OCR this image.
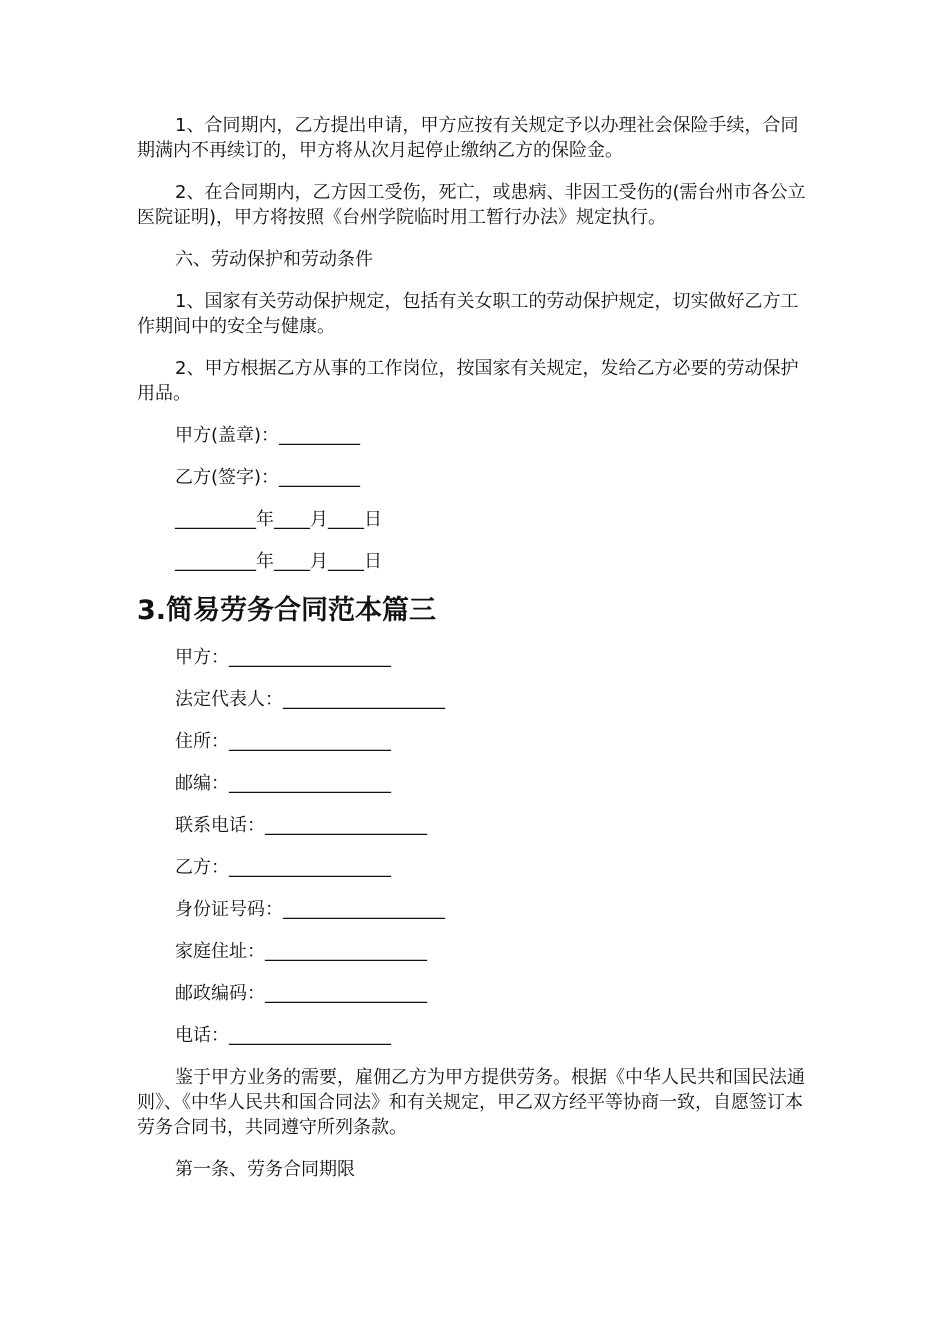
1、合同期内，乙方提出申请，甲方应按有关规定予以办理社会保险手续，合同期满内不再续订的，甲方将从次月起停止缴纳乙方的保险金。

2、在合同期内，乙方因工受伤，死亡，或患病、非因工受伤的(需台州市各公立医院证明)，甲方将按照《台州学院临时用工暂行办法》规定执行。

六、劳动保护和劳动条件

1、国家有关劳动保护规定，包括有关女职工的劳动保护规定，切实做好乙方工作期间中的安全与健康。

2、甲方根据乙方从事的工作岗位，按国家有关规定，发给乙方必要的劳动保护用品。

甲方(盖章)：_________
乙方(签字)：_________
_________年____月____日
_________年____月____日
3.简易劳务合同范本篇三
甲方：__________________
法定代表人：__________________
住所：__________________
邮编：__________________
联系电话：__________________
乙方：__________________
身份证号码：__________________
家庭住址：__________________
邮政编码：__________________
电话：__________________

鉴于甲方业务的需要，雇佣乙方为甲方提供劳务。根据《中华人民共和国民法通则》、《中华人民共和国合同法》和有关规定，甲乙双方经平等协商一致，自愿签订本劳务合同书，共同遵守所列条款。

第一条、劳务合同期限
